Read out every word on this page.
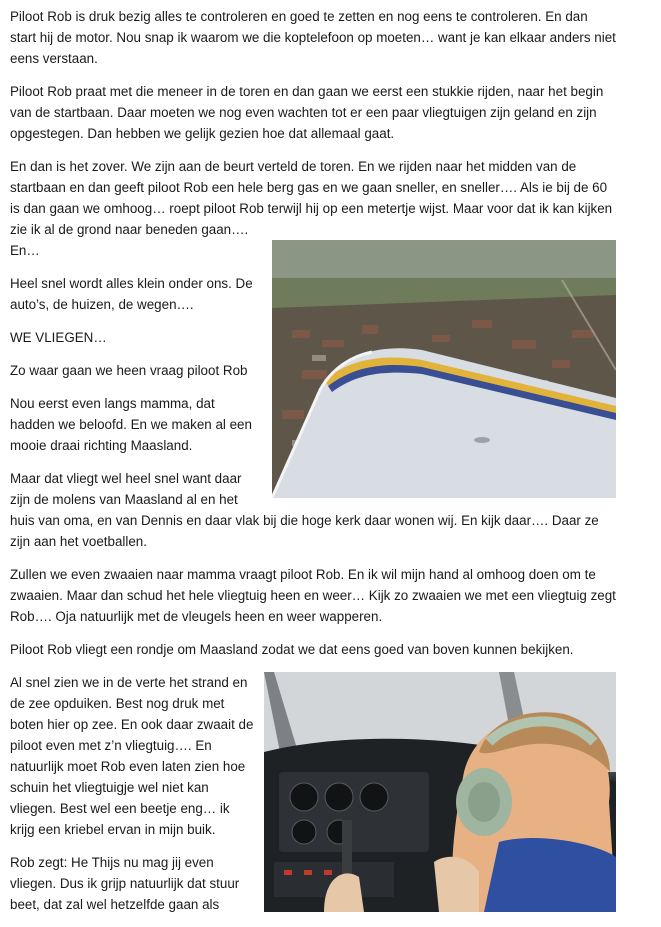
Piloot Rob is druk bezig alles te controleren en goed te zetten en nog eens te controleren. En dan start hij de motor. Nou snap ik waarom we die koptelefoon op moeten… want je kan elkaar anders niet eens verstaan.

Piloot Rob praat met die meneer in de toren en dan gaan we eerst een stukkie rijden, naar het begin van de startbaan. Daar moeten we nog even wachten tot er een paar vliegtuigen zijn geland en zijn opgestegen. Dan hebben we gelijk gezien hoe dat allemaal gaat.

En dan is het zover. We zijn aan de beurt verteld de toren. En we rijden naar het midden van de startbaan en dan geeft piloot Rob een hele berg gas en we gaan sneller, en sneller…. Als ie bij de 60 is dan gaan we omhoog… roept piloot Rob terwijl hij op een metertje wijst. Maar voor dat ik kan kijken zie ik al de grond naar beneden gaan….

En…

Heel snel wordt alles klein onder ons. De auto’s, de huizen, de wegen….

WE VLIEGEN…

Zo waar gaan we heen vraag piloot Rob

Nou eerst even langs mamma, dat hadden we beloofd. En we maken al een mooie draai richting Maasland.

Maar dat vliegt wel heel snel want daar zijn de molens van Maasland al en het huis van oma, en van Dennis en daar vlak bij die hoge kerk daar wonen wij. En kijk daar…. Daar ze zijn aan het voetballen.

Zullen we even zwaaien naar mamma vraagt piloot Rob. En ik wil mijn hand al omhoog doen om te zwaaien. Maar dan schud het hele vliegtuig heen en weer… Kijk zo zwaaien we met een vliegtuig zegt Rob…. Oja natuurlijk met de vleugels heen en weer wapperen.

Piloot Rob vliegt een rondje om Maasland zodat we dat eens goed van boven kunnen bekijken.

Al snel zien we in de verte het strand en de zee opduiken. Best nog druk met boten hier op zee. En ook daar zwaait de piloot even met z’n vliegtuig…. En natuurlijk moet Rob even laten zien hoe schuin het vliegtuigje wel niet kan vliegen. Best wel een beetje eng… ik krijg een kriebel ervan in mijn buik.

Rob zegt: He Thijs nu mag jij even vliegen. Dus ik grijp natuurlijk dat stuur beet, dat zal wel hetzelfde gaan als
